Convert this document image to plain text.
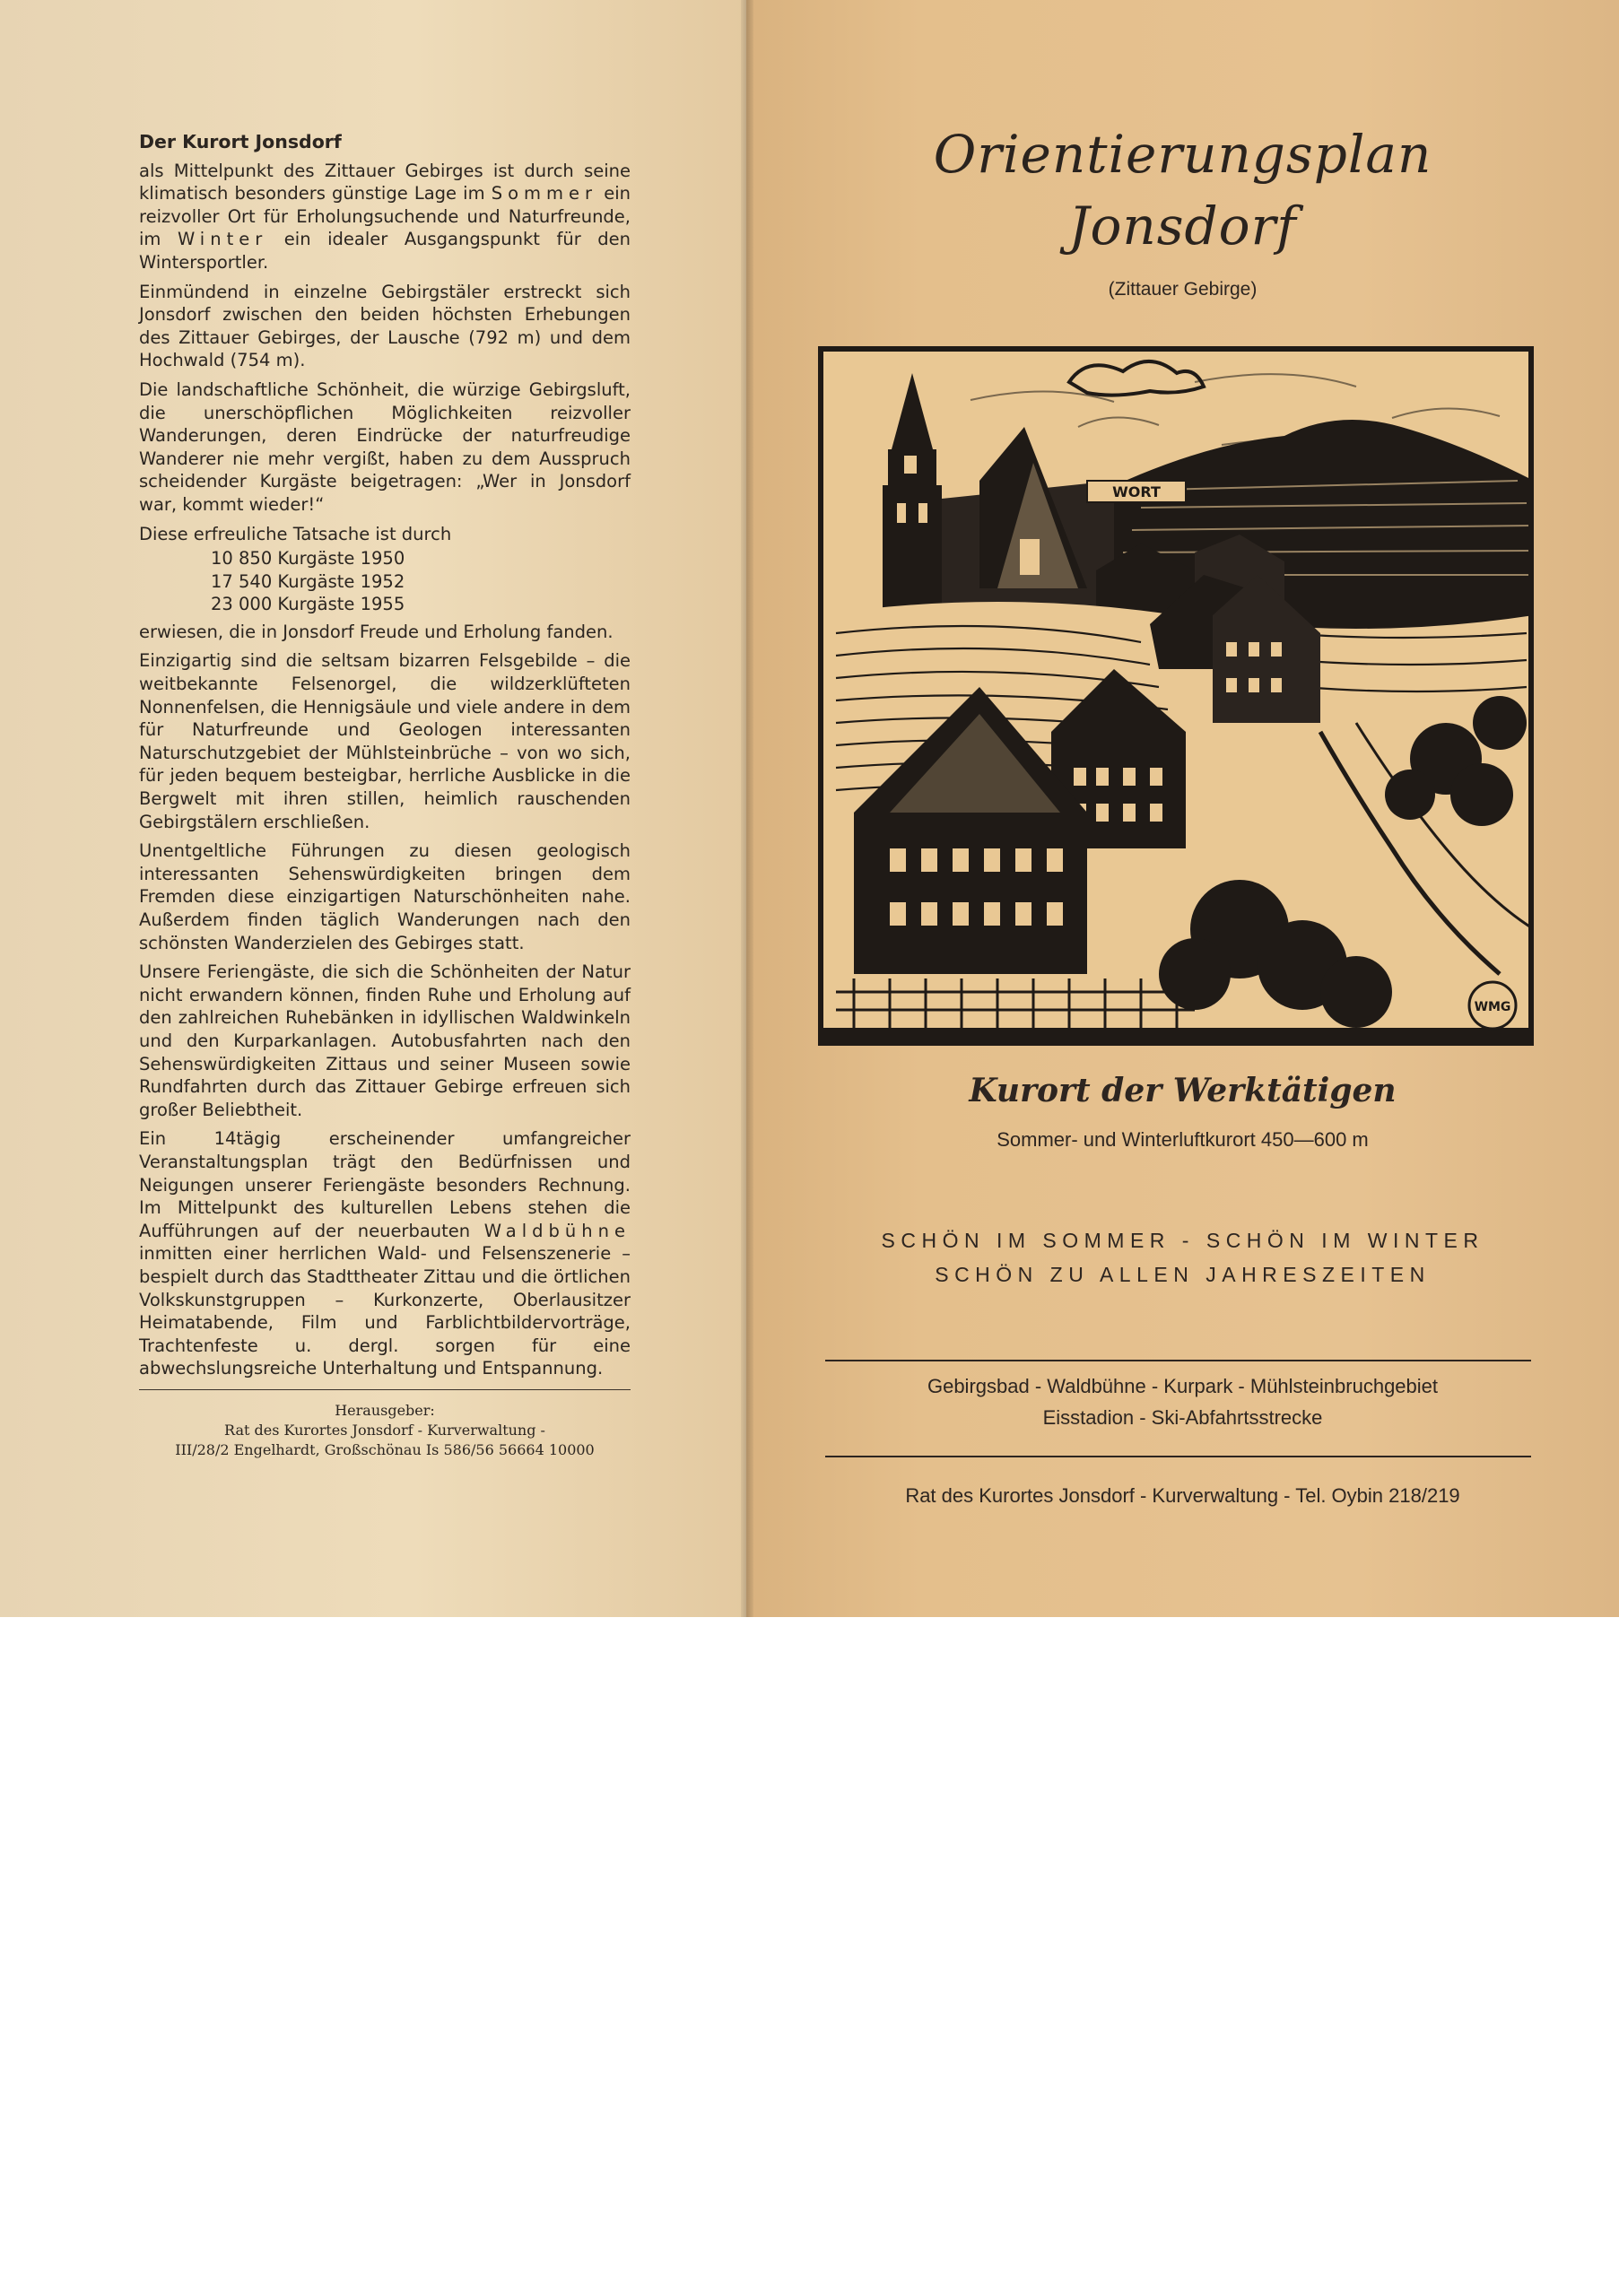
Der Kurort Jonsdorf

als Mittelpunkt des Zittauer Gebirges ist durch seine klimatisch besonders günstige Lage im Sommer ein reizvoller Ort für Erholungsuchende und Naturfreunde, im Winter ein idealer Ausgangspunkt für den Wintersportler.

Einmündend in einzelne Gebirgstäler erstreckt sich Jonsdorf zwischen den beiden höchsten Erhebungen des Zittauer Gebirges, der Lausche (792 m) und dem Hochwald (754 m).

Die landschaftliche Schönheit, die würzige Gebirgsluft, die unerschöpflichen Möglichkeiten reizvoller Wanderungen, deren Eindrücke der naturfreudige Wanderer nie mehr vergißt, haben zu dem Ausspruch scheidender Kurgäste beigetragen: „Wer in Jonsdorf war, kommt wieder!“

Diese erfreuliche Tatsache ist durch

10 850 Kurgäste 1950
17 540 Kurgäste 1952
23 000 Kurgäste 1955

erwiesen, die in Jonsdorf Freude und Erholung fanden.

Einzigartig sind die seltsam bizarren Felsgebilde – die weitbekannte Felsenorgel, die wildzerklüfteten Nonnenfelsen, die Hennigsäule und viele andere in dem für Naturfreunde und Geologen interessanten Naturschutzgebiet der Mühlsteinbrüche – von wo sich, für jeden bequem besteigbar, herrliche Ausblicke in die Bergwelt mit ihren stillen, heimlich rauschenden Gebirgstälern erschließen.

Unentgeltliche Führungen zu diesen geologisch interessanten Sehenswürdigkeiten bringen dem Fremden diese einzigartigen Naturschönheiten nahe. Außerdem finden täglich Wanderungen nach den schönsten Wanderzielen des Gebirges statt.

Unsere Feriengäste, die sich die Schönheiten der Natur nicht erwandern können, finden Ruhe und Erholung auf den zahlreichen Ruhebänken in idyllischen Waldwinkeln und den Kurparkanlagen. Autobusfahrten nach den Sehenswürdigkeiten Zittaus und seiner Museen sowie Rundfahrten durch das Zittauer Gebirge erfreuen sich großer Beliebtheit.

Ein 14tägig erscheinender umfangreicher Veranstaltungsplan trägt den Bedürfnissen und Neigungen unserer Feriengäste besonders Rechnung. Im Mittelpunkt des kulturellen Lebens stehen die Aufführungen auf der neuerbauten Waldbühne inmitten einer herrlichen Wald- und Felsenszenerie – bespielt durch das Stadttheater Zittau und die örtlichen Volkskunstgruppen – Kurkonzerte, Oberlausitzer Heimatabende, Film und Farblichtbildervorträge, Trachtenfeste u. dergl. sorgen für eine abwechslungsreiche Unterhaltung und Entspannung.

Herausgeber:
Rat des Kurortes Jonsdorf - Kurverwaltung -
III/28/2 Engelhardt, Großschönau Is 586/56 56664 10000
Orientierungsplan
Jonsdorf
(Zittauer Gebirge)
WORT
WMG
Kurort der Werktätigen
Sommer- und Winterluftkurort 450—600 m
SCHÖN IM SOMMER - SCHÖN IM WINTER
SCHÖN ZU ALLEN JAHRESZEITEN
Gebirgsbad - Waldbühne - Kurpark - Mühlsteinbruchgebiet
Eisstadion - Ski-Abfahrtsstrecke
Rat des Kurortes Jonsdorf - Kurverwaltung - Tel. Oybin 218/219
